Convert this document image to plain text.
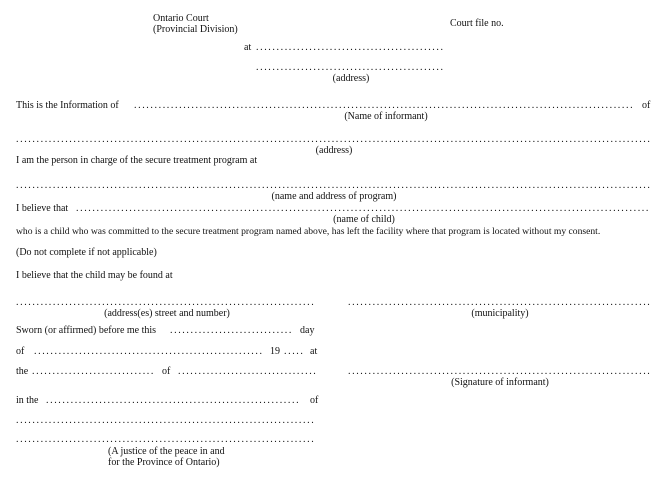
Ontario Court
(Provincial Division)
Court file no.
at ..............................................
..............................................
(address)
This is the Information of .......................................................................................................................... of
(Name of informant)
...........................................................................................................................................................
(address)
I am the person in charge of the secure treatment program at
...........................................................................................................................................................
(name and address of program)
I believe that ............................................................................................................................................
(name of child)
who is a child who was committed to the secure treatment program named above, has left the facility where that program is located without my consent.
(Do not complete if not applicable)
I believe that the child may be found at
.........................................................................
(address(es) street and number)
..........................................................................
(municipality)
Sworn (or affirmed) before me this .............................. day
of ........................................................ 19 ..... at
the .............................. of ..................................
in the .............................................................. of
.........................................................................
.........................................................................
(A justice of the peace in and
for the Province of Ontario)
..........................................................................
(Signature of informant)
